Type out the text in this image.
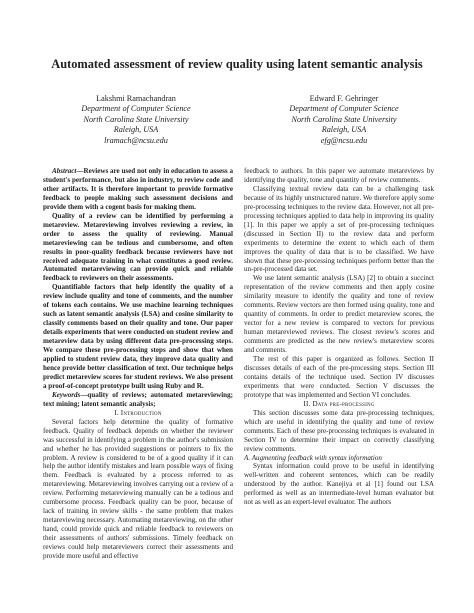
Automated assessment of review quality using latent semantic analysis
Lakshmi Ramachandran
Department of Computer Science
North Carolina State University
Raleigh, USA
lramach@ncsu.edu
Edward F. Gehringer
Department of Computer Science
North Carolina State University
Raleigh, USA
efg@ncsu.edu

Abstract—Reviews are used not only in education to assess a student's performance, but also in industry, to review code and other artifacts. It is therefore important to provide formative feedback to people making such assessment decisions and provide them with a cogent basis for making them.

Quality of a review can be identified by performing a metareview. Metareviewing involves reviewing a review, in order to assess the quality of reviewing. Manual metareviewing can be tedious and cumbersome, and often results in poor-quality feedback because reviewers have not received adequate training in what constitutes a good review. Automated metareviewing can provide quick and reliable feedback to reviewers on their assessments.

Quantifiable factors that help identify the quality of a review include quality and tone of comments, and the number of tokens each contains. We use machine learning techniques such as latent semantic analysis (LSA) and cosine similarity to classify comments based on their quality and tone. Our paper details experiments that were conducted on student review and metareview data by using different data pre-processing steps. We compare these pre-processing steps and show that when applied to student review data, they improve data quality and hence provide better classification of text. Our technique helps predict metareview scores for student reviews. We also present a proof-of-concept prototype built using Ruby and R.

Keywords—quality of reviews; automated metareviewing; text mining; latent semantic analysis;

I. Introduction

Several factors help determine the quality of formative feedback. Quality of feedback depends on whether the reviewer was successful in identifying a problem in the author's submission and whether he has provided suggestions or pointers to fix the problem. A review is considered to be of a good quality if it can help the author identify mistakes and learn possible ways of fixing them. Feedback is evaluated by a process referred to as metareviewing. Metareviewing involves carrying out a review of a review. Performing metareviewing manually can be a tedious and cumbersome process. Feedback quality can be poor, because of lack of training in review skills - the same problem that makes metareviewing necessary. Automating metareviewing, on the other hand, could provide quick and reliable feedback to reviewers on their assessments of authors' submissions. Timely feedback on reviews could help metareviewers correct their assessments and provide more useful and effective

feedback to authors. In this paper we automate metareviews by identifying the quality, tone and quantity of review comments.

Classifying textual review data can be a challenging task because of its highly unstructured nature. We therefore apply some pre-processing techniques to the review data. However, not all pre-processing techniques applied to data help in improving its quality [1]. In this paper we apply a set of pre-processing techniques (discussed in Section II) to the review data and perform experiments to determine the extent to which each of them improves the quality of data that is to be classified. We have shown that these pre-processing techniques perform better than the un-pre-processed data set.

We use latent semantic analysis (LSA) [2] to obtain a succinct representation of the review comments and then apply cosine similarity measure to identify the quality and tone of review comments. Review vectors are then formed using quality, tone and quantity of comments. In order to predict metareview scores, the vector for a new review is compared to vectors for previous human metareviewed reviews. The closest review's scores and comments are predicted as the new review's metareview scores and comments.

The rest of this paper is organized as follows. Section II discusses details of each of the pre-processing steps. Section III contains details of the technique used. Section IV discusses experiments that were conducted. Section V discusses the prototype that was implemented and Section VI concludes.

II. Data pre-processing

This section discusses some data pre-processing techniques, which are useful in identifying the quality and tone of review comments. Each of these pre-processing techniques is evaluated in Section IV to determine their impact on correctly classifying review comments.

A. Augmenting feedback with syntax information

Syntax information could prove to be useful in identifying well-written and coherent sentences, which can be readily understood by the author. Kanejiya et al [1] found out LSA performed as well as an intermediate-level human evaluator but not as well as an expert-level evaluator. The authors
